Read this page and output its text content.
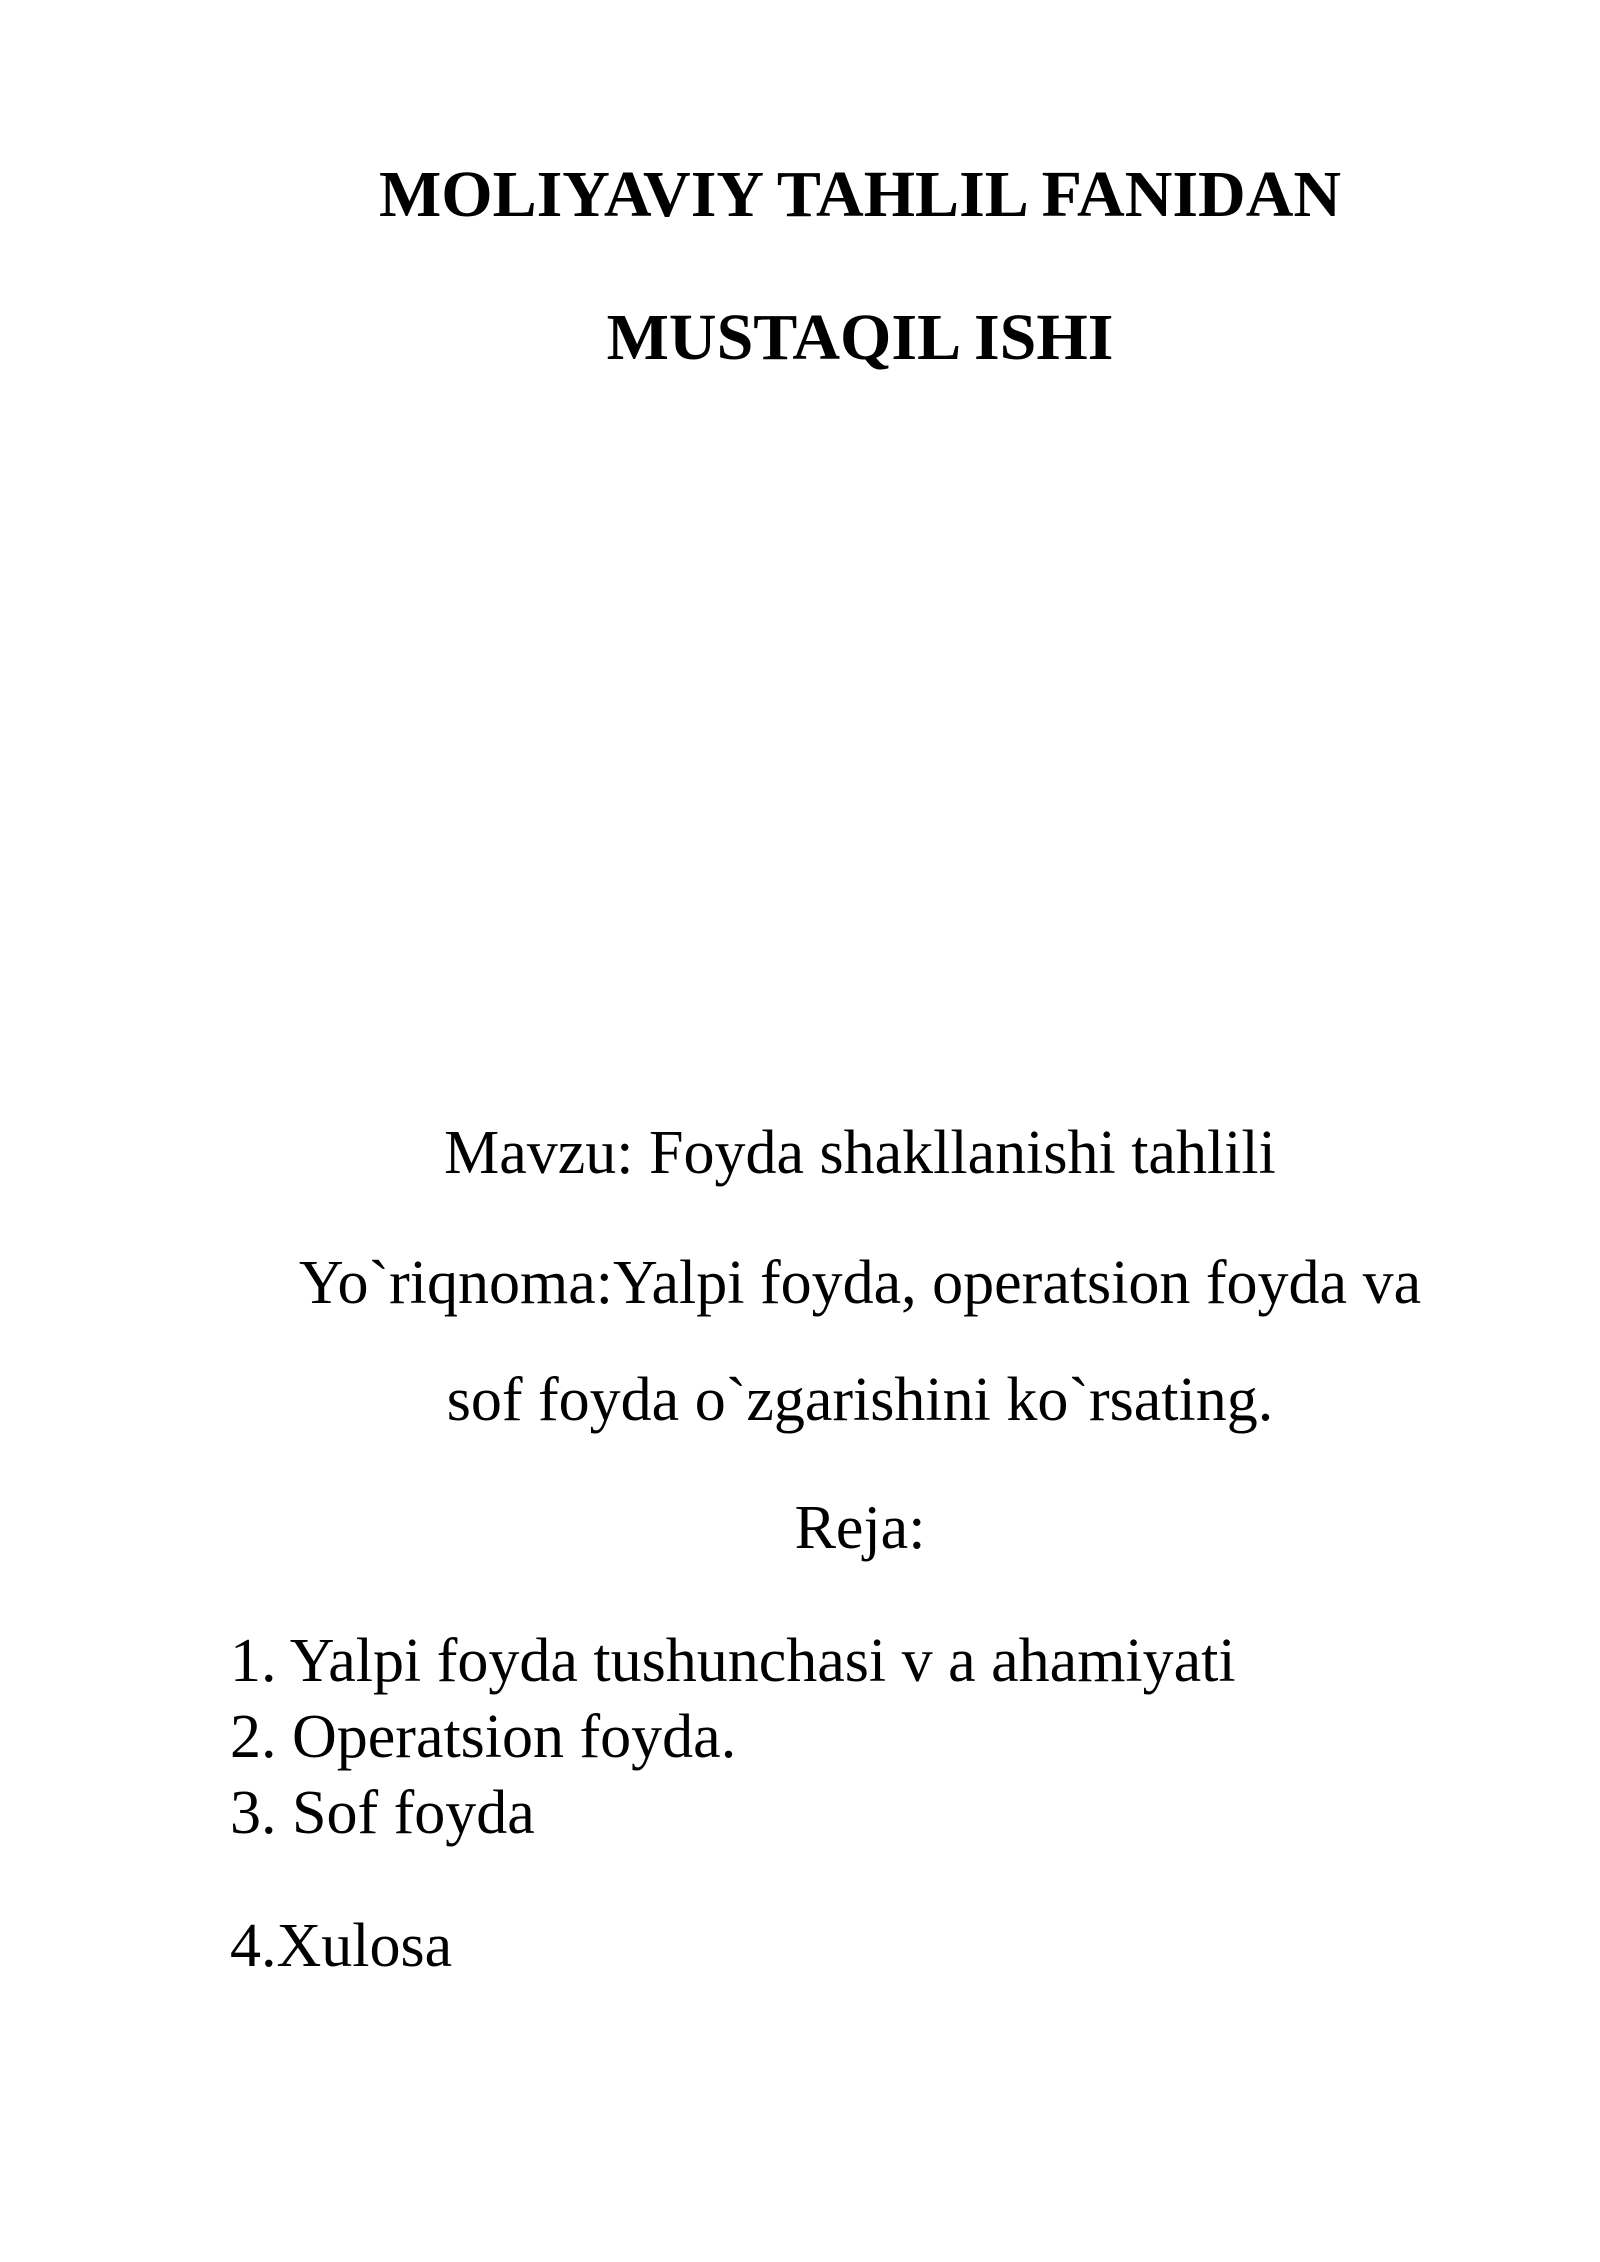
MOLIYAVIY TAHLIL FANIDAN
MUSTAQIL ISHI
Mavzu: Foyda shakllanishi tahlili
Yo`riqnoma:Yalpi foyda, operatsion foyda va
sof foyda o`zgarishini ko`rsating.
Reja:
1. Yalpi foyda tushunchasi v a ahamiyati
2. Operatsion foyda.
3. Sof foyda
4.Xulosa
